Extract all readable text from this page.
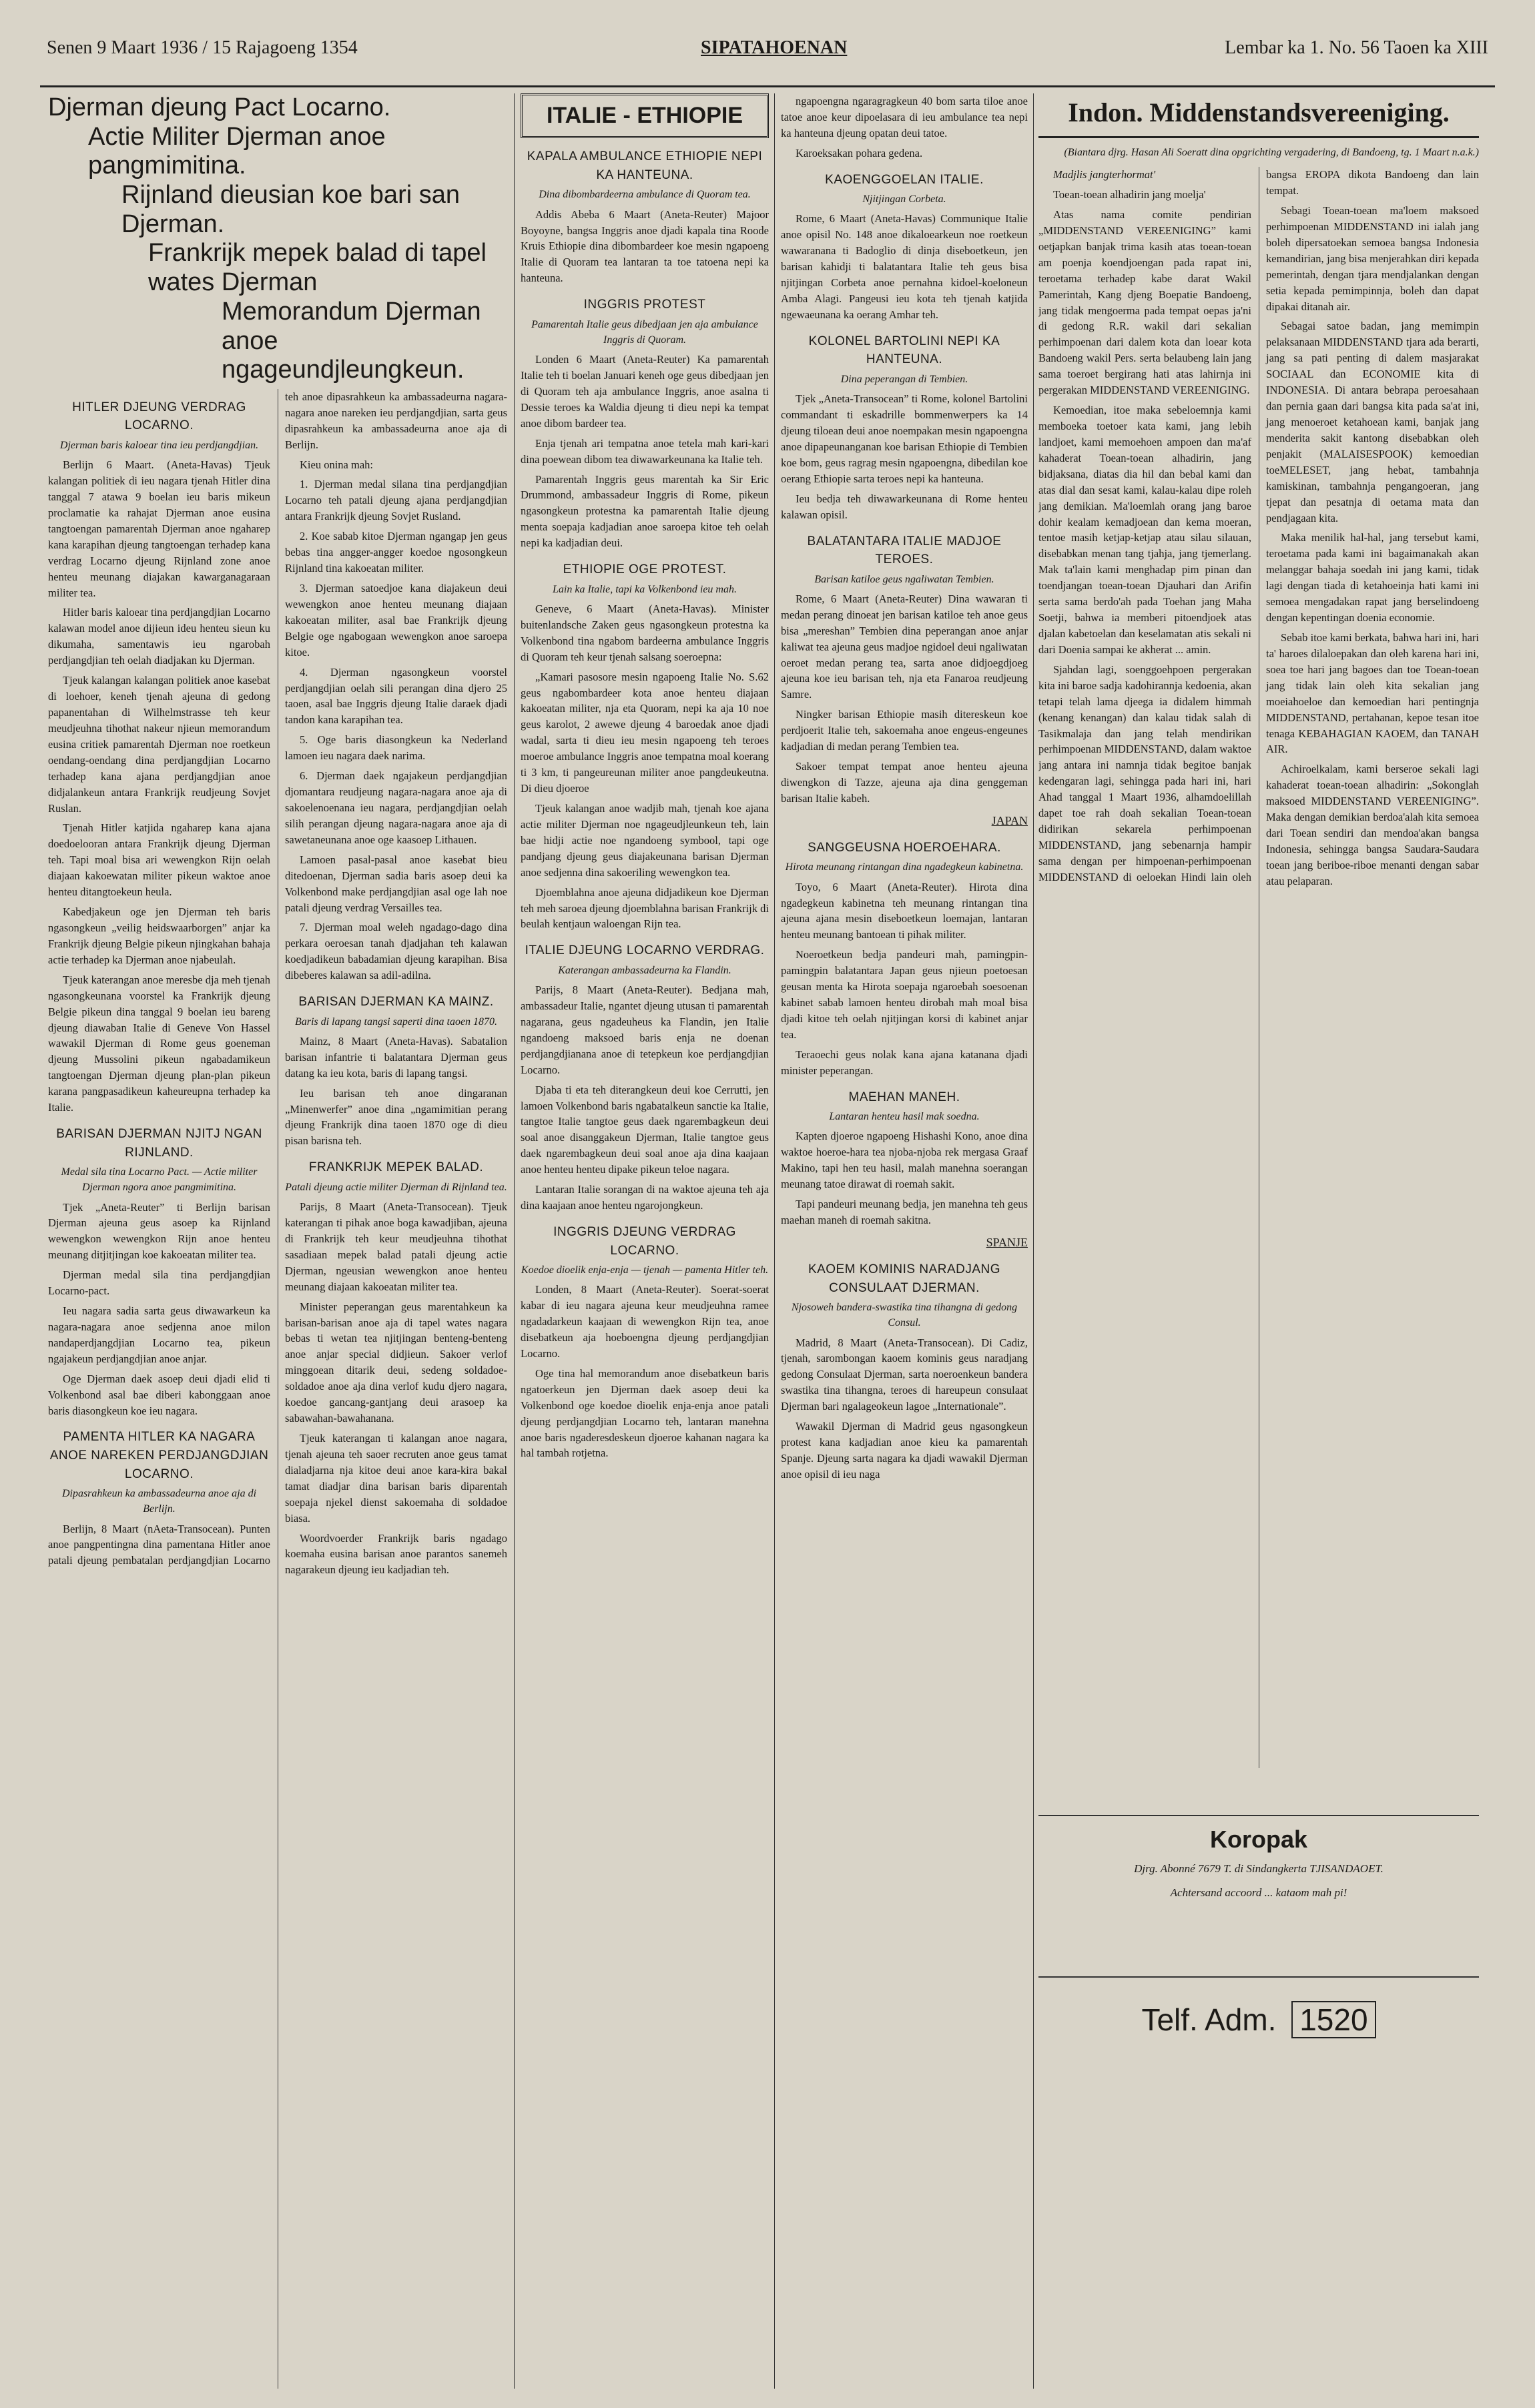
Senen 9 Maart 1936 / 15 Rajagoeng 1354	SIPATAHOENAN	Lembar ka 1. No. 56 Taoen ka XIII
Djerman djeung Pact Locarno.
Actie Militer Djerman anoe pangmimitina.
Rijnland dieusian koe bari san Djerman.
Frankrijk mepek balad di tapel wates Djerman
Memorandum Djerman anoe ngageundjleungkeun.
HITLER DJEUNG VERDRAG LOCARNO.
Djerman baris kaloear tina ieu perdjangdjian.

Berlijn 6 Maart. (Aneta-Havas) Tjeuk kalangan politiek di ieu nagara tjenah Hitler dina tanggal 7 atawa 9 boelan ieu baris mikeun proclamatie ka rahajat Djerman anoe eusina tangtoengan pamarentah Djerman anoe ngaharep kana karapihan djeung tangtoengan terhadep kana verdrag Locarno djeung Rijnland zone anoe henteu meunang diajakan kawarganagaraan militer tea.

Hitler baris kaloear tina perdjangdjian Locarno kalawan model anoe dijieun ideu henteu sieun ku dikumaha, samentawis ieu ngarobah perdjangdjian teh oelah diadjakan ku Djerman.

Tjeuk kalangan kalangan politiek anoe kasebat di loehoer, keneh tjenah ajeuna di gedong papanentahan di Wilhelmstrasse teh keur meudjeuhna tihothat nakeur njieun memorandum eusina critiek pamarentah Djerman noe roetkeun oendang-oendang dina perdjangdjian Locarno terhadep kana ajana perdjangdjian anoe didjalankeun antara Frankrijk reudjeung Sovjet Ruslan.

Tjenah Hitler katjida ngaharep kana ajana doedoelooran antara Frankrijk djeung Djerman teh. Tapi moal bisa ari wewengkon Rijn oelah diajaan kakoewatan militer pikeun waktoe anoe henteu ditangtoekeun heula.

Kabedjakeun oge jen Djerman teh baris ngasongkeun „veilig heidswaarborgen” anjar ka Frankrijk djeung Belgie pikeun njingkahan bahaja actie terhadep ka Djerman anoe njabeulah.

Tjeuk katerangan anoe meresbe dja meh tjenah ngasongkeunana voorstel ka Frankrijk djeung Belgie pikeun dina tanggal 9 boelan ieu bareng djeung diawaban Italie di Geneve Von Hassel wawakil Djerman di Rome geus goeneman djeung Mussolini pikeun ngabadamikeun tangtoengan Djerman djeung plan-plan pikeun karana pangpasadikeun kaheureupna terhadep ka Italie.

BARISAN DJERMAN NJITJ NGAN RIJNLAND.
Medal sila tina Locarno Pact. — Actie militer Djerman ngora anoe pangmimitina.

Tjek „Aneta-Reuter” ti Berlijn barisan Djerman ajeuna geus asoep ka Rijnland wewengkon wewengkon Rijn anoe henteu meunang ditjitjingan koe kakoeatan militer tea.

Djerman medal sila tina perdjangdjian Locarno-pact.

Ieu nagara sadia sarta geus diwawarkeun ka nagara-nagara anoe sedjenna anoe milon nandaperdjangdjian Locarno tea, pikeun ngajakeun perdjangdjian anoe anjar.

Oge Djerman daek asoep deui djadi elid ti Volkenbond asal bae diberi kabonggaan anoe baris diasongkeun koe ieu nagara.

PAMENTA HITLER KA NAGARA ANOE NAREKEN PERDJANGDJIAN LOCARNO.
Dipasrahkeun ka ambassadeurna anoe aja di Berlijn.

Berlijn, 8 Maart (nAeta-Transocean). Punten anoe pangpentingna dina pamentana Hitler anoe patali djeung pembatalan perdjangdjian Locarno teh anoe dipasrahkeun ka ambassadeurna nagara-nagara anoe nareken ieu perdjangdjian, sarta geus dipasrahkeun ka ambassadeurna anoe aja di Berlijn.

Kieu onina mah:

1. Djerman medal silana tina perdjangdjian Locarno teh patali djeung ajana perdjangdjian antara Frankrijk djeung Sovjet Rusland.

2. Koe sabab kitoe Djerman ngangap jen geus bebas tina angger-angger koedoe ngosongkeun Rijnland tina kakoeatan militer.

3. Djerman satoedjoe kana diajakeun deui wewengkon anoe henteu meunang diajaan kakoeatan militer, asal bae Frankrijk djeung Belgie oge ngabogaan wewengkon anoe saroepa kitoe.

4. Djerman ngasongkeun voorstel perdjangdjian oelah sili perangan dina djero 25 taoen, asal bae Inggris djeung Italie daraek djadi tandon kana karapihan tea.

5. Oge baris diasongkeun ka Nederland lamoen ieu nagara daek narima.

6. Djerman daek ngajakeun perdjangdjian djomantara reudjeung nagara-nagara anoe aja di sakoelenoenana ieu nagara, perdjangdjian oelah silih perangan djeung nagara-nagara anoe aja di sawetaneunana anoe oge kaasoep Lithauen.

Lamoen pasal-pasal anoe kasebat bieu ditedoenan, Djerman sadia baris asoep deui ka Volkenbond make perdjangdjian asal oge lah noe patali djeung verdrag Versailles tea.

7. Djerman moal weleh ngadago-dago dina perkara oeroesan tanah djadjahan teh kalawan koedjadikeun babadamian djeung karapihan. Bisa dibeberes kalawan sa adil-adilna.

BARISAN DJERMAN KA MAINZ.
Baris di lapang tangsi saperti dina taoen 1870.

Mainz, 8 Maart (Aneta-Havas). Sabatalion barisan infantrie ti balatantara Djerman geus datang ka ieu kota, baris di lapang tangsi.

Ieu barisan teh anoe dingaranan „Minenwerfer” anoe dina „ngamimitian perang djeung Frankrijk dina taoen 1870 oge di dieu pisan barisna teh.

FRANKRIJK MEPEK BALAD.
Patali djeung actie militer Djerman di Rijnland tea.

Parijs, 8 Maart (Aneta-Transocean). Tjeuk katerangan ti pihak anoe boga kawadjiban, ajeuna di Frankrijk teh keur meudjeuhna tihothat sasadiaan mepek balad patali djeung actie Djerman, ngeusian wewengkon anoe henteu meunang diajaan kakoeatan militer tea.

Minister peperangan geus marentahkeun ka barisan-barisan anoe aja di tapel wates nagara bebas ti wetan tea njitjingan benteng-benteng anoe anjar special didjieun. Sakoer verlof minggoean ditarik deui, sedeng soldadoe-soldadoe anoe aja dina verlof kudu djero nagara, koedoe gancang-gantjang deui arasoep ka sabawahan-bawahanana.

Tjeuk katerangan ti kalangan anoe nagara, tjenah ajeuna teh saoer recruten anoe geus tamat dialadjarna nja kitoe deui anoe kara-kira bakal tamat diadjar dina barisan baris diparentah soepaja njekel dienst sakoemaha di soldadoe biasa.

Woordvoerder Frankrijk baris ngadago koemaha eusina barisan anoe parantos sanemeh nagarakeun djeung ieu kadjadian teh.

ITALIE - ETHIOPIE
KAPALA AMBULANCE ETHIOPIE NEPI KA HANTEUNA.
Dina dibombardeerna ambulance di Quoram tea.

Addis Abeba 6 Maart (Aneta-Reuter) Majoor Boyoyne, bangsa Inggris anoe djadi kapala tina Roode Kruis Ethiopie dina dibombardeer koe mesin ngapoeng Italie di Quoram tea lantaran ta toe tatoena nepi ka hanteuna.

INGGRIS PROTEST
Pamarentah Italie geus dibedjaan jen aja ambulance Inggris di Quoram.

Londen 6 Maart (Aneta-Reuter) Ka pamarentah Italie teh ti boelan Januari keneh oge geus dibedjaan jen di Quoram teh aja ambulance Inggris, anoe asalna ti Dessie teroes ka Waldia djeung ti dieu nepi ka tempat anoe dibom bardeer tea.

Enja tjenah ari tempatna anoe tetela mah kari-kari dina poewean dibom tea diwawarkeunana ka Italie teh.

Pamarentah Inggris geus marentah ka Sir Eric Drummond, ambassadeur Inggris di Rome, pikeun ngasongkeun protestna ka pamarentah Italie djeung menta soepaja kadjadian anoe saroepa kitoe teh oelah nepi ka kadjadian deui.

ETHIOPIE OGE PROTEST.
Lain ka Italie, tapi ka Volkenbond ieu mah.

Geneve, 6 Maart (Aneta-Havas). Minister buitenlandsche Zaken geus ngasongkeun protestna ka Volkenbond tina ngabom bardeerna ambulance Inggris di Quoram teh keur tjenah salsang soeroepna:

„Kamari pasosore mesin ngapoeng Italie No. S.62 geus ngabombardeer kota anoe henteu diajaan kakoeatan militer, nja eta Quoram, nepi ka aja 10 noe geus karolot, 2 awewe djeung 4 baroedak anoe djadi wadal, sarta ti dieu ieu mesin ngapoeng teh teroes moeroe ambulance Inggris anoe tempatna moal koerang ti 3 km, ti pangeureunan militer anoe pangdeukeutna. Di dieu djoeroe

Tjeuk kalangan anoe wadjib mah, tjenah koe ajana actie militer Djerman noe ngageudjleunkeun teh, lain bae hidji actie noe ngandoeng symbool, tapi oge pandjang djeung geus diajakeunana barisan Djerman anoe sedjenna dina sakoeriling wewengkon tea.

Djoemblahna anoe ajeuna didjadikeun koe Djerman teh meh saroea djeung djoemblahna barisan Frankrijk di beulah kentjaun waloengan Rijn tea.

ITALIE DJEUNG LOCARNO VERDRAG.
Katerangan ambassadeurna ka Flandin.

Parijs, 8 Maart (Aneta-Reuter). Bedjana mah, ambassadeur Italie, ngantet djeung utusan ti pamarentah nagarana, geus ngadeuheus ka Flandin, jen Italie ngandoeng maksoed baris enja ne doenan perdjangdjianana anoe di tetepkeun koe perdjangdjian Locarno.

Djaba ti eta teh diterangkeun deui koe Cerrutti, jen lamoen Volkenbond baris ngabatalkeun sanctie ka Italie, tangtoe Italie tangtoe geus daek ngarembagkeun deui soal anoe disanggakeun Djerman, Italie tangtoe geus daek ngarembagkeun deui soal anoe aja dina kaajaan anoe henteu henteu dipake pikeun teloe nagara.

Lantaran Italie sorangan di na waktoe ajeuna teh aja dina kaajaan anoe henteu ngarojongkeun.

INGGRIS DJEUNG VERDRAG LOCARNO.
Koedoe dioelik enja-enja — tjenah — pamenta Hitler teh.

Londen, 8 Maart (Aneta-Reuter). Soerat-soerat kabar di ieu nagara ajeuna keur meudjeuhna ramee ngadadarkeun kaajaan di wewengkon Rijn tea, anoe disebatkeun aja hoeboengna djeung perdjangdjian Locarno.

Oge tina hal memorandum anoe disebatkeun baris ngatoerkeun jen Djerman daek asoep deui ka Volkenbond oge koedoe dioelik enja-enja anoe patali djeung perdjangdjian Locarno teh, lantaran manehna anoe baris ngaderesdeskeun djoeroe kahanan nagara ka hal tambah rotjetna.

ngapoengna ngaragragkeun 40 bom sarta tiloe anoe tatoe anoe keur dipoelasara di ieu ambulance tea nepi ka hanteuna djeung opatan deui tatoe.

Karoeksakan pohara gedena.

KAOENGGOELAN ITALIE.
Njitjingan Corbeta.

Rome, 6 Maart (Aneta-Havas) Communique Italie anoe opisil No. 148 anoe dikaloearkeun noe roetkeun wawaranana ti Badoglio di dinja diseboetkeun, jen barisan kahidji ti balatantara Italie teh geus bisa njitjingan Corbeta anoe pernahna kidoel-koeloneun Amba Alagi. Pangeusi ieu kota teh tjenah katjida ngewaeunana ka oerang Amhar teh.

KOLONEL BARTOLINI NEPI KA HANTEUNA.
Dina peperangan di Tembien.

Tjek „Aneta-Transocean” ti Rome, kolonel Bartolini commandant ti eskadrille bommenwerpers ka 14 djeung tiloean deui anoe noempakan mesin ngapoengna anoe dipapeunanganan koe barisan Ethiopie di Tembien koe bom, geus ragrag mesin ngapoengna, dibedilan koe oerang Ethiopie sarta teroes nepi ka hanteuna.

Ieu bedja teh diwawarkeunana di Rome henteu kalawan opisil.

BALATANTARA ITALIE MADJOE TEROES.
Barisan katiloe geus ngaliwatan Tembien.

Rome, 6 Maart (Aneta-Reuter) Dina wawaran ti medan perang dinoeat jen barisan katiloe teh anoe geus bisa „mereshan” Tembien dina peperangan anoe anjar kaliwat tea ajeuna geus madjoe ngidoel deui ngaliwatan oeroet medan perang tea, sarta anoe didjoegdjoeg ajeuna koe ieu barisan teh, nja eta Fanaroa reudjeung Samre.

Ningker barisan Ethiopie masih ditereskeun koe perdjoerit Italie teh, sakoemaha anoe engeus-engeunes kadjadian di medan perang Tembien tea.

Sakoer tempat tempat anoe henteu ajeuna diwengkon di Tazze, ajeuna aja dina genggeman barisan Italie kabeh.

JAPAN
SANGGEUSNA HOEROEHARA.
Hirota meunang rintangan dina ngadegkeun kabinetna.

Toyo, 6 Maart (Aneta-Reuter). Hirota dina ngadegkeun kabinetna teh meunang rintangan tina ajeuna ajana mesin diseboetkeun loemajan, lantaran henteu meunang bantoean ti pihak militer.

Noeroetkeun bedja pandeuri mah, pamingpin-pamingpin balatantara Japan geus njieun poetoesan geusan menta ka Hirota soepaja ngaroebah soesoenan kabinet sabab lamoen henteu dirobah mah moal bisa djadi kitoe teh oelah njitjingan korsi di kabinet anjar tea.

Teraoechi geus nolak kana ajana katanana djadi minister peperangan.

MAEHAN MANEH.
Lantaran henteu hasil mak soedna.

Kapten djoeroe ngapoeng Hishashi Kono, anoe dina waktoe hoeroe-hara tea njoba-njoba rek mergasa Graaf Makino, tapi hen teu hasil, malah manehna soerangan meunang tatoe dirawat di roemah sakit.

Tapi pandeuri meunang bedja, jen manehna teh geus maehan maneh di roemah sakitna.

SPANJE
KAOEM KOMINIS NARADJANG CONSULAAT DJERMAN.
Njosoweh bandera-swastika tina tihangna di gedong Consul.

Madrid, 8 Maart (Aneta-Transocean). Di Cadiz, tjenah, sarombongan kaoem kominis geus naradjang gedong Consulaat Djerman, sarta noeroenkeun bandera swastika tina tihangna, teroes di hareupeun consulaat Djerman bari ngalageokeun lagoe „Internationale”.

Wawakil Djerman di Madrid geus ngasongkeun protest kana kadjadian anoe kieu ka pamarentah Spanje. Djeung sarta nagara ka djadi wawakil Djerman anoe opisil di ieu naga

Indon. Middenstandsvereeniging.
(Biantara djrg. Hasan Ali Soeratt dina opgrichting vergadering, di Bandoeng, tg. 1 Maart n.a.k.)

Madjlis jangterhormat'

Toean-toean alhadirin jang moelja'

Atas nama comite pendirian „MIDDENSTAND VEREENIGING” kami oetjapkan banjak trima kasih atas toean-toean am poenja koendjoengan pada rapat ini, teroetama terhadep kabe darat Wakil Pamerintah, Kang djeng Boepatie Bandoeng, jang tidak mengoerma pada tempat oepas ja'ni di gedong R.R. wakil dari sekalian perhimpoenan dari dalem kota dan loear kota Bandoeng wakil Pers. serta belaubeng lain jang sama toeroet bergirang hati atas lahirnja ini pergerakan MIDDENSTAND VEREENIGING.

Kemoedian, itoe maka sebeloemnja kami memboeka toetoer kata kami, jang lebih landjoet, kami memoehoen ampoen dan ma'af kahaderat Toean-toean alhadirin, jang bidjaksana, diatas dia hil dan bebal kami dan atas dial dan sesat kami, kalau-kalau dipe roleh jang demikian. Ma'loemlah orang jang baroe dohir kealam kemadjoean dan kema moeran, tentoe masih ketjap-ketjap atau silau silauan, disebabkan menan tang tjahja, jang tjemerlang. Mak ta'lain kami menghadap pim pinan dan toendjangan toean-toean Djauhari dan Arifin serta sama berdo'ah pada Toehan jang Maha Soetji, bahwa ia memberi pitoendjoek atas djalan kabetoelan dan keselamatan atis sekali ni dari Doenia sampai ke akherat ... amin.

Sjahdan lagi, soenggoehpoen pergerakan kita ini baroe sadja kadohirannja kedoenia, akan tetapi telah lama djeega ia didalem himmah (kenang kenangan) dan kalau tidak salah di Tasikmalaja dan jang telah mendirikan perhimpoenan MIDDENSTAND, dalam waktoe jang antara ini namnja tidak begitoe banjak kedengaran lagi, sehingga pada hari ini, hari Ahad tanggal 1 Maart 1936, alhamdoelillah dapet toe rah doah sekalian Toean-toean didirikan sekarela perhimpoenan MIDDENSTAND, jang sebenarnja hampir sama dengan per himpoenan-perhimpoenan MIDDENSTAND di oeloekan Hindi lain oleh bangsa EROPA dikota Bandoeng dan lain tempat.

Sebagi Toean-toean ma'loem maksoed perhimpoenan MIDDENSTAND ini ialah jang boleh dipersatoekan semoea bangsa Indonesia kemandirian, jang bisa menjerahkan diri kepada pemerintah, dengan tjara mendjalankan dengan setia kepada pemimpinnja, boleh dan dapat dipakai ditanah air.

Sebagai satoe badan, jang memimpin pelaksanaan MIDDENSTAND tjara ada berarti, jang sa pati penting di dalem masjarakat SOCIAAL dan ECONOMIE kita di INDONESIA. Di antara bebrapa peroesahaan dan pernia gaan dari bangsa kita pada sa'at ini, jang menoeroet ketahoean kami, banjak jang menderita sakit kantong disebabkan oleh penjakit (MALAISESPOOK) kemoedian toeMELESET, jang hebat, tambahnja kamiskinan, tambahnja pengangoeran, jang tjepat dan pesatnja di oetama mata dan pendjagaan kita.

Maka menilik hal-hal, jang tersebut kami, teroetama pada kami ini bagaimanakah akan melanggar bahaja soedah ini jang kami, tidak lagi dengan tiada di ketahoeinja hati kami ini semoea mengadakan rapat jang berselindoeng dengan kepentingan doenia economie.

Sebab itoe kami berkata, bahwa hari ini, hari ta' haroes dilaloepakan dan oleh karena hari ini, soea toe hari jang bagoes dan toe Toean-toean jang tidak lain oleh kita sekalian jang moeiahoeloe dan kemoedian hari pentingnja MIDDENSTAND, pertahanan, kepoe tesan itoe tenaga KEBAHAGIAN KAOEM, dan TANAH AIR.

Achiroelkalam, kami berseroe sekali lagi kahaderat toean-toean alhadirin: „Sokonglah maksoed MIDDENSTAND VEREENIGING”. Maka dengan demikian berdoa'alah kita semoea dari Toean sendiri dan mendoa'akan bangsa Indonesia, sehingga bangsa Saudara-Saudara toean jang beriboe-riboe menanti dengan sabar atau pelaparan.

Koropak
Djrg. Abonné 7679 T. di Sindangkerta TJISANDAOET.
Achtersand accoord ... kataom mah pi!
Telf. Adm. 1520
